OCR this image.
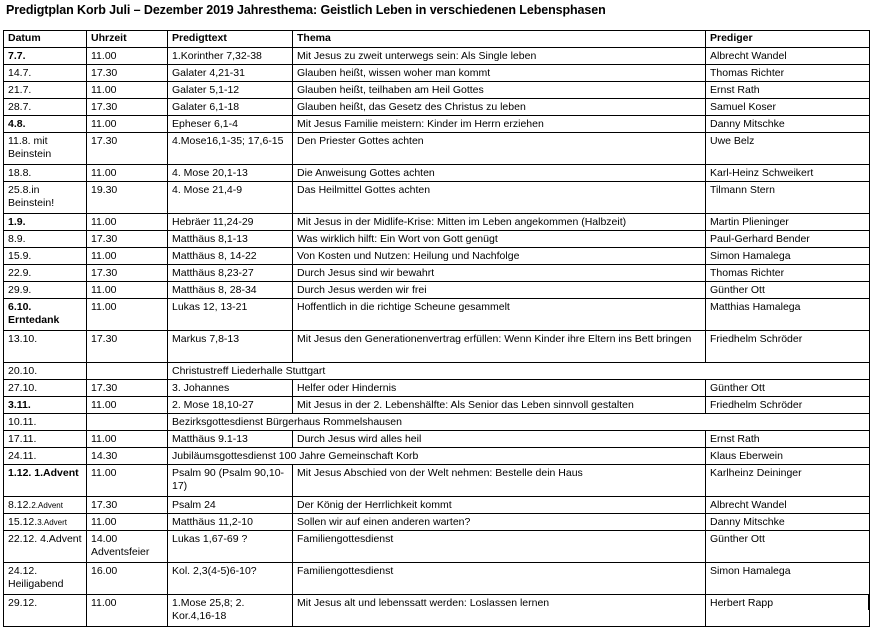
Predigtplan Korb Juli – Dezember 2019 Jahresthema: Geistlich Leben in verschiedenen Lebensphasen
Datum	Uhrzeit	Predigttext	Thema	Prediger
7.7.	11.00	1.Korinther 7,32-38	Mit Jesus zu zweit unterwegs sein: Als Single leben	Albrecht Wandel
14.7.	17.30	Galater 4,21-31	Glauben heißt, wissen woher man kommt	Thomas Richter
21.7.	11.00	Galater 5,1-12	Glauben heißt, teilhaben am Heil Gottes	Ernst Rath
28.7.	17.30	Galater 6,1-18	Glauben heißt, das Gesetz des Christus zu leben	Samuel Koser
4.8.	11.00	Epheser 6,1-4	Mit Jesus Familie meistern: Kinder im Herrn erziehen	Danny Mitschke
11.8. mit Beinstein	17.30	4.Mose16,1-35; 17,6-15	Den Priester Gottes achten	Uwe Belz
18.8.	11.00	4. Mose 20,1-13	Die Anweisung Gottes achten	Karl-Heinz Schweikert
25.8.in Beinstein!	19.30	4. Mose 21,4-9	Das Heilmittel Gottes achten	Tilmann Stern
1.9.	11.00	Hebräer 11,24-29	Mit Jesus in der Midlife-Krise: Mitten im Leben angekommen (Halbzeit)	Martin Plieninger
8.9.	17.30	Matthäus 8,1-13	Was wirklich hilft: Ein Wort von Gott genügt	Paul-Gerhard Bender
15.9.	11.00	Matthäus 8, 14-22	Von Kosten und Nutzen: Heilung und Nachfolge	Simon Hamalega
22.9.	17.30	Matthäus 8,23-27	Durch Jesus sind wir bewahrt	Thomas Richter
29.9.	11.00	Matthäus 8, 28-34	Durch Jesus werden wir frei	Günther Ott
6.10. Erntedank	11.00	Lukas 12, 13-21	Hoffentlich in die richtige Scheune gesammelt	Matthias Hamalega
13.10.	17.30	Markus 7,8-13	Mit Jesus den Generationenvertrag erfüllen: Wenn Kinder ihre Eltern ins Bett bringen	Friedhelm Schröder
20.10.		Christustreff Liederhalle Stuttgart		
27.10.	17.30	3. Johannes	Helfer oder Hindernis	Günther Ott
3.11.	11.00	2. Mose 18,10-27	Mit Jesus in der 2. Lebenshälfte: Als Senior das Leben sinnvoll gestalten	Friedhelm Schröder
10.11.		Bezirksgottesdienst Bürgerhaus Rommelshausen		
17.11.	11.00	Matthäus 9.1-13	Durch Jesus wird alles heil	Ernst Rath
24.11.	14.30	Jubiläumsgottesdienst 100 Jahre Gemeinschaft Korb		Klaus Eberwein
1.12. 1.Advent	11.00	Psalm 90 (Psalm 90,10-17)	Mit Jesus Abschied von der Welt nehmen: Bestelle dein Haus	Karlheinz Deininger
8.12.2.Advent	17.30	Psalm 24	Der König der Herrlichkeit kommt	Albrecht Wandel
15.12.3.Advert	11.00	Matthäus 11,2-10	Sollen wir auf einen anderen warten?	Danny Mitschke
22.12. 4.Advent	14.00 Adventsfeier	Lukas 1,67-69 ?	Familiengottesdienst	Günther Ott
24.12. Heiligabend	16.00	Kol. 2,3(4-5)6-10?	Familiengottesdienst	Simon Hamalega
29.12.	11.00	1.Mose 25,8; 2. Kor.4,16-18	Mit Jesus alt und lebenssatt werden: Loslassen lernen	Herbert Rapp
